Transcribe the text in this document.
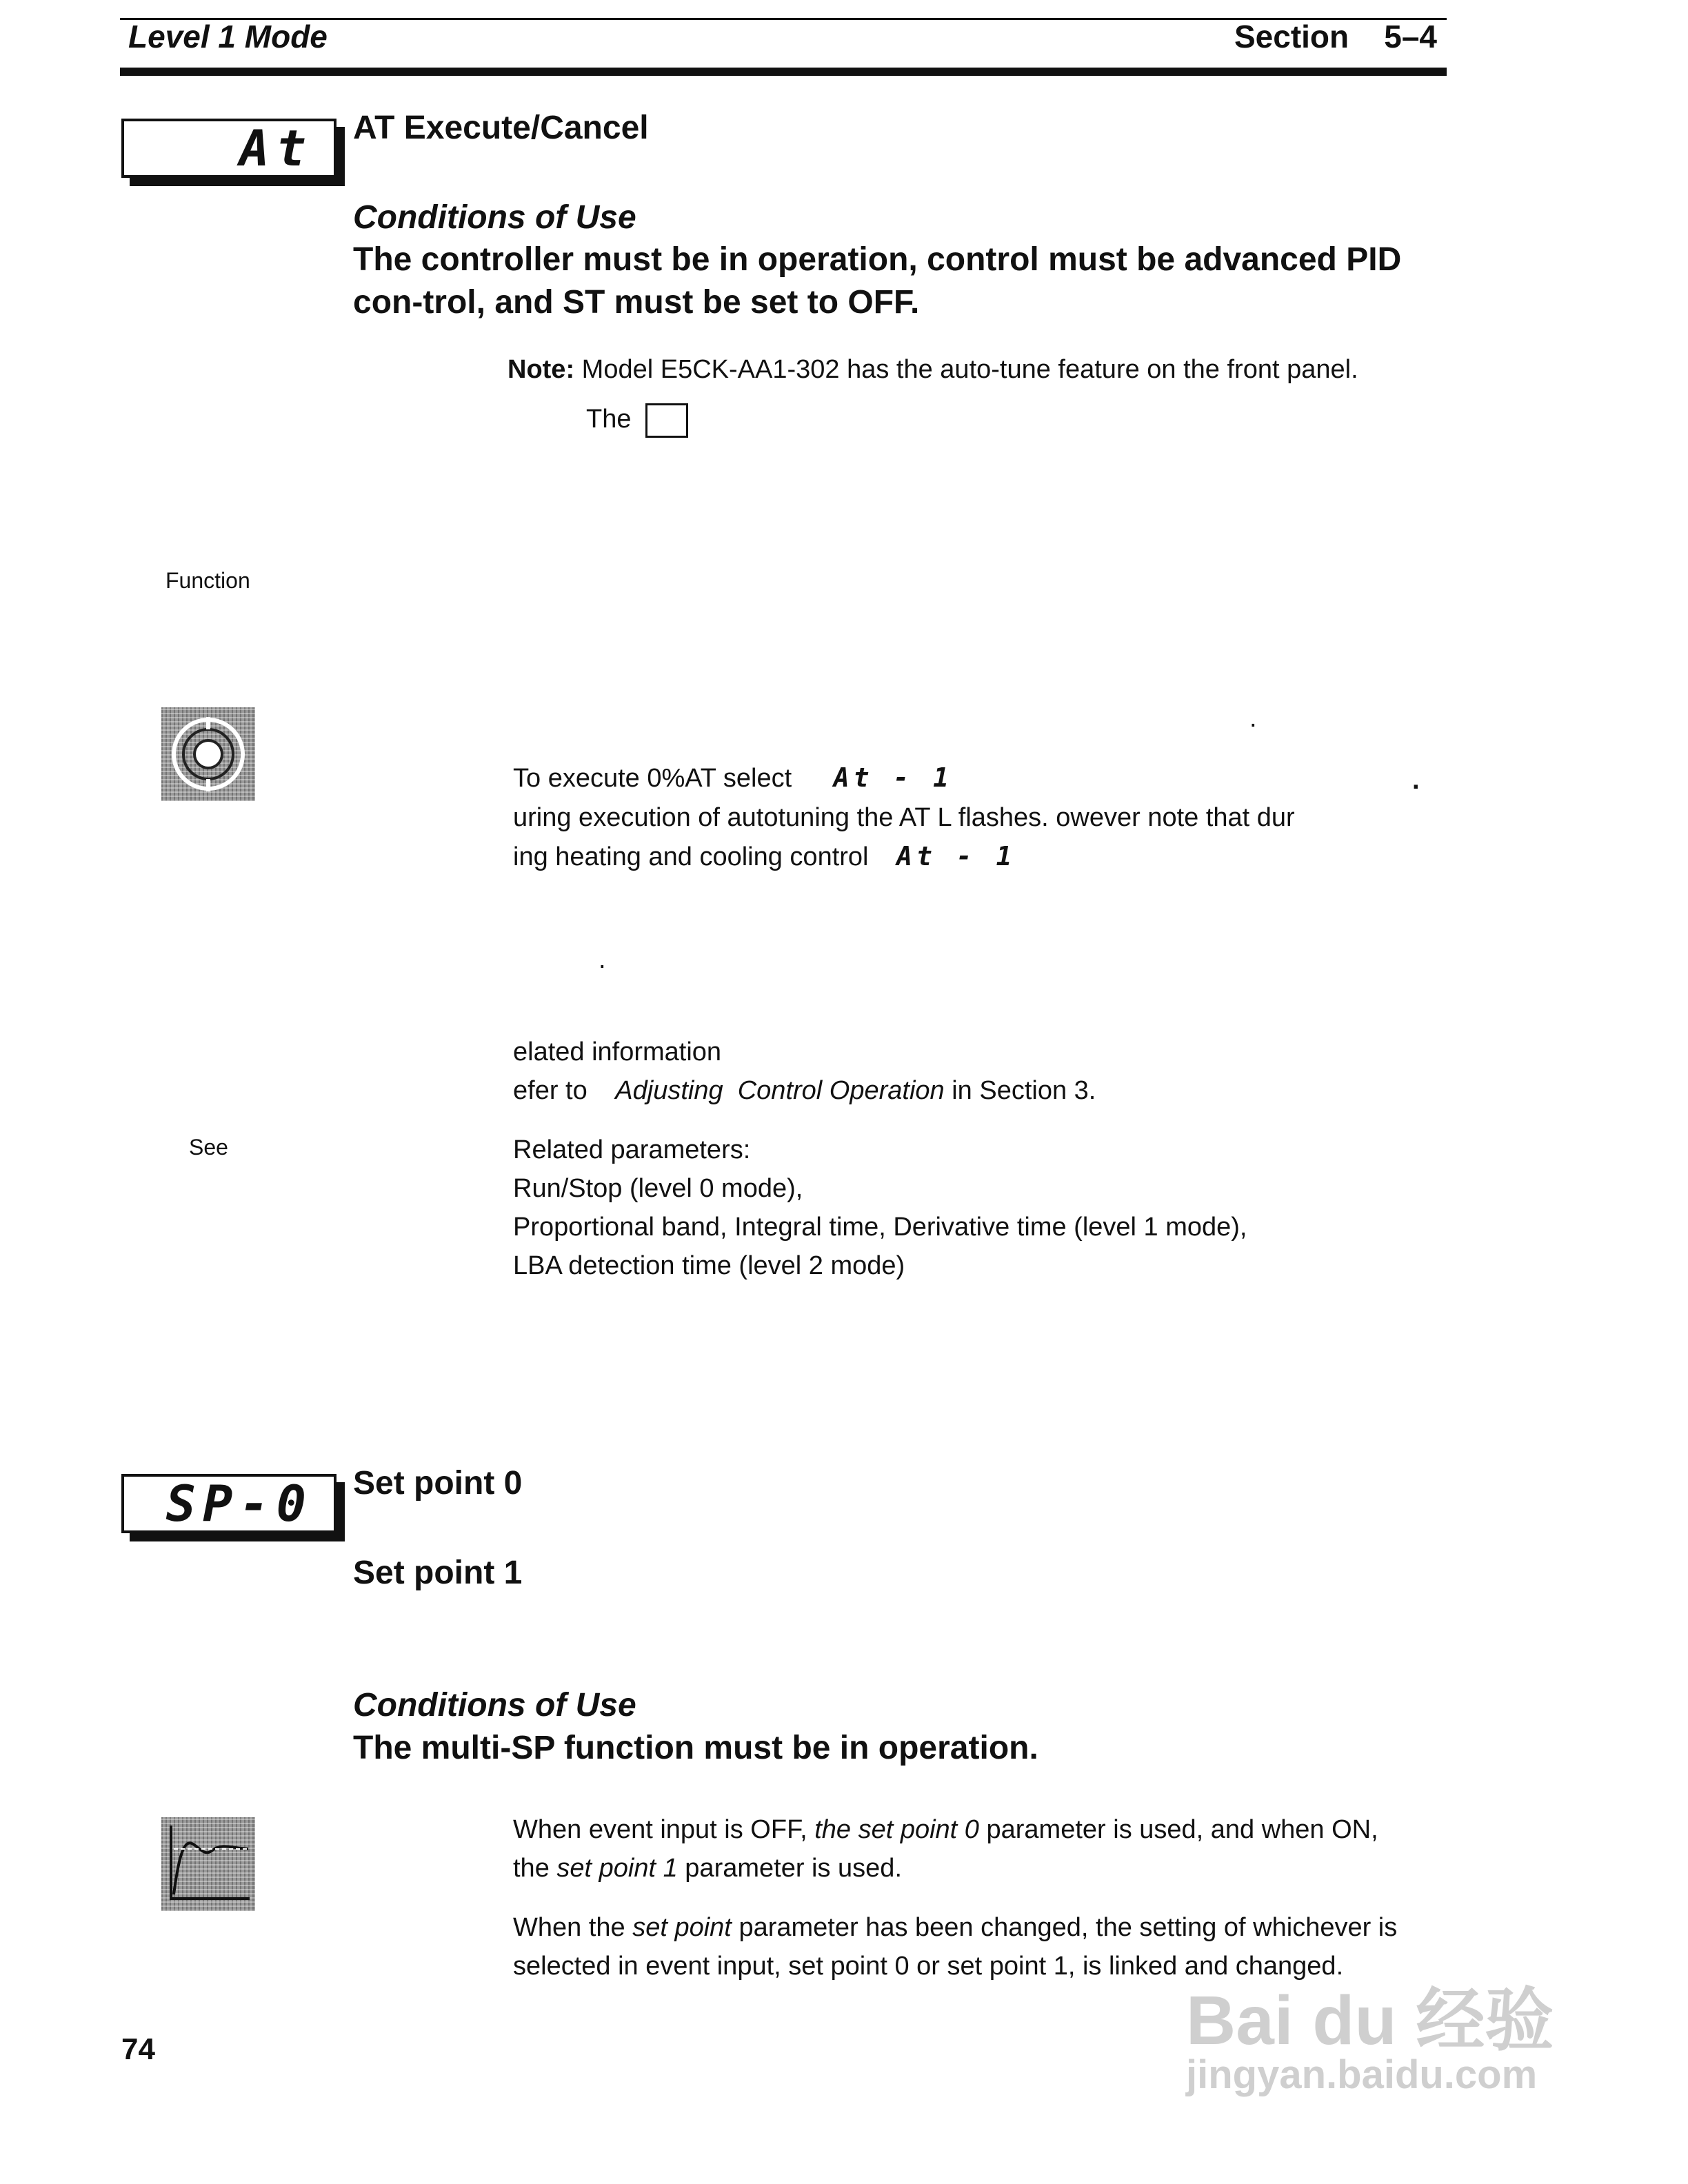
Level 1 Mode	Section    5–4
At AT Execute/Cancel
Conditions of Use
The controller must be in operation, control must be advanced PID con-trol, and ST must be set to OFF.
Note: Model E5CK-AA1-302 has the auto-tune feature on the front panel.
The
Function
.
To execute 0%AT select At - 1	.
uring execution of autotuning the AT L flashes. owever note that dur
ing heating and cooling control At - 1
.
elated information
efer to Adjusting  Control Operation in Section 3.
See	Related parameters:
Run/Stop (level 0 mode),
Proportional band, Integral time, Derivative time (level 1 mode),
LBA detection time (level 2 mode)
SP-0 Set point 0
Set point 1
Conditions of Use
The multi-SP function must be in operation.
When event input is OFF, the set point 0 parameter is used, and when ON,
the set point 1 parameter is used.
When the set point parameter has been changed, the setting of whichever is
selected in event input, set point 0 or set point 1, is linked and changed.
74	Bai du 经验
jingyan.baidu.com
